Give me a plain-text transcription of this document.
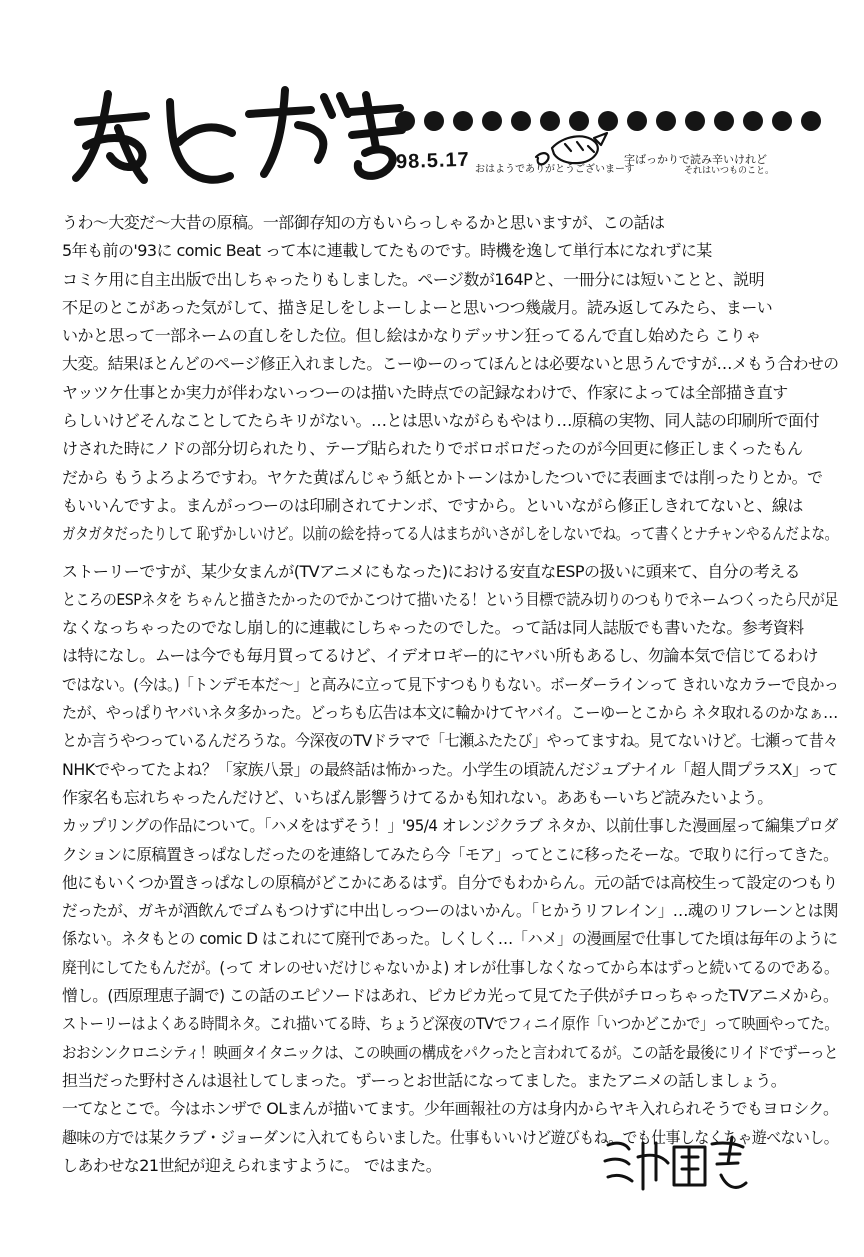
98.5.17 おはようでありがとうございまーす
字ばっかりで読み辛いけれど
それはいつものこと。
うわ〜大変だ〜大昔の原稿。一部御存知の方もいらっしゃるかと思いますが、この話は
5年も前の'93に comic Beat って本に連載してたものです。時機を逸して単行本になれずに某
コミケ用に自主出版で出しちゃったりもしました。ページ数が164Pと、一冊分には短いことと、説明
不足のとこがあった気がして、描き足しをしよーしよーと思いつつ幾歳月。読み返してみたら、まーい
いかと思って一部ネームの直しをした位。但し絵はかなりデッサン狂ってるんで直し始めたら こりゃ
大変。結果ほとんどのページ修正入れました。こーゆーのってほんとは必要ないと思うんですが…メもう合わせの
ヤッツケ仕事とか実力が伴わないっつーのは描いた時点での記録なわけで、作家によっては全部描き直す
らしいけどそんなことしてたらキリがない。…とは思いながらもやはり…原稿の実物、同人誌の印刷所で面付
けされた時にノドの部分切られたり、テープ貼られたりでボロボロだったのが今回更に修正しまくったもん
だから もうよろよろですわ。ヤケた黄ばんじゃう紙とかトーンはかしたついでに表画までは削ったりとか。で
もいいんですよ。まんがっつーのは印刷されてナンボ、ですから。といいながら修正しきれてないと、線は
ガタガタだったりして 恥ずかしいけど。以前の絵を持ってる人はまちがいさがしをしないでね。って書くとナチャンやるんだよな。
ストーリーですが、某少女まんが(TVアニメにもなった)における安直なESPの扱いに頭来て、自分の考える
ところのESPネタを ちゃんと描きたかったのでかこつけて描いたる！という目標で読み切りのつもりでネームつくったら尺が足
なくなっちゃったのでなし崩し的に連載にしちゃったのでした。って話は同人誌版でも書いたな。参考資料
は特になし。ムーは今でも毎月買ってるけど、イデオロギー的にヤバい所もあるし、勿論本気で信じてるわけ
ではない。(今は。)「トンデモ本だ〜」と高みに立って見下すつもりもない。ボーダーラインって きれいなカラーで良かっ
たが、やっぱりヤバいネタ多かった。どっちも広告は本文に輪かけてヤバイ。こーゆーとこから ネタ取れるのかなぁ…
とか言うやつっているんだろうな。今深夜のTVドラマで「七瀬ふたたび」やってますね。見てないけど。七瀬って昔々
NHKでやってたよね？「家族八景」の最終話は怖かった。小学生の頃読んだジュブナイル「超人間プラスX」って
作家名も忘れちゃったんだけど、いちばん影響うけてるかも知れない。ああもーいちど読みたいよう。
カップリングの作品について。「ハメをはずそう！」'95/4 オレンジクラブ ネタか、以前仕事した漫画屋って編集プロダ
クションに原稿置きっぱなしだったのを連絡してみたら今「モア」ってとこに移ったそーな。で取りに行ってきた。
他にもいくつか置きっぱなしの原稿がどこかにあるはず。自分でもわからん。元の話では高校生って設定のつもり
だったが、ガキが酒飲んでゴムもつけずに中出しっつーのはいかん。「ヒかうリフレイン」…魂のリフレーンとは関
係ない。ネタもとの comic D はこれにて廃刊であった。しくしく…「ハメ」の漫画屋で仕事してた頃は毎年のように
廃刊にしてたもんだが。(って オレのせいだけじゃないかよ) オレが仕事しなくなってから本はずっと続いてるのである。
憎し。(西原理恵子調で) この話のエピソードはあれ、ピカピカ光って見てた子供がチロっちゃったTVアニメから。
ストーリーはよくある時間ネタ。これ描いてる時、ちょうど深夜のTVでフィニイ原作「いつかどこかで」って映画やってた。
おおシンクロニシティ！映画タイタニックは、この映画の構成をパクったと言われてるが。この話を最後にリイドでずーっと
担当だった野村さんは退社してしまった。ずーっとお世話になってました。またアニメの話しましょう。
一てなとこで。今はホンザで OLまんが描いてます。少年画報社の方は身内からヤキ入れられそうでもヨロシク。
趣味の方では某クラブ・ジョーダンに入れてもらいました。仕事もいいけど遊びもね。でも仕事しなくちゃ遊べないし。
しあわせな21世紀が迎えられますように。 ではまた。
